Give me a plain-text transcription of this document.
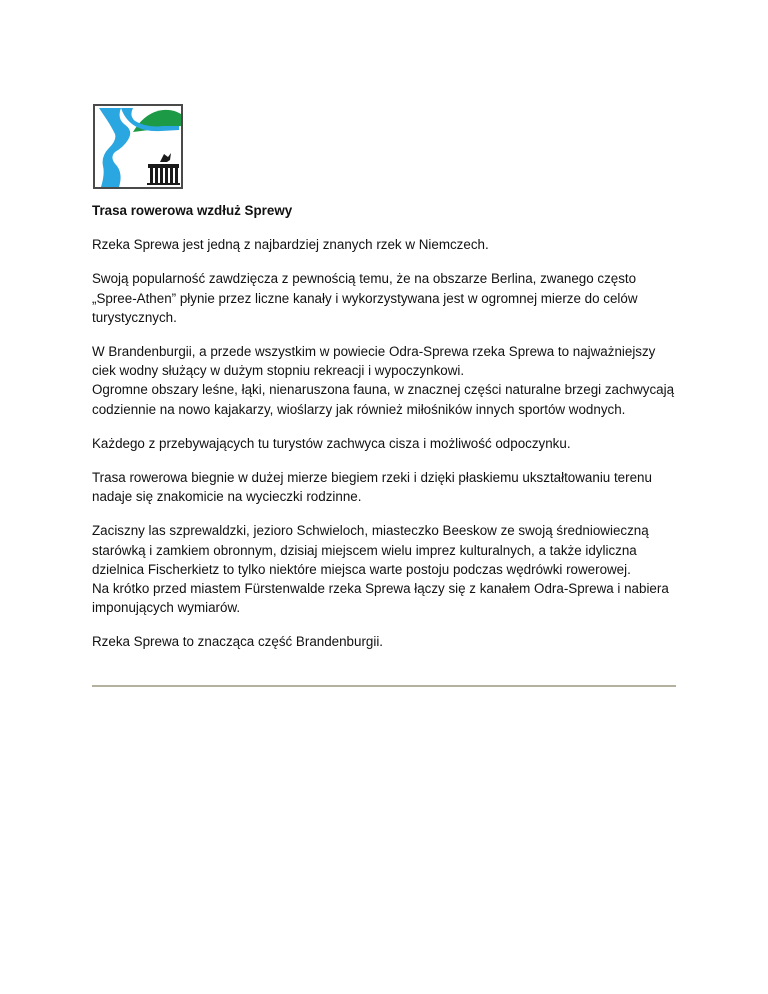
Trasa rowerowa wzdłuż Sprewy

Rzeka Sprewa jest jedną z najbardziej znanych rzek w Niemczech.

Swoją popularność zawdzięcza z pewnością temu, że na obszarze Berlina, zwanego często „Spree-Athen” płynie przez liczne kanały i wykorzystywana jest w ogromnej mierze do celów turystycznych.

W Brandenburgii, a przede wszystkim w powiecie Odra-Sprewa rzeka Sprewa to najważniejszy ciek wodny służący w dużym stopniu rekreacji i wypoczynkowi.

Ogromne obszary leśne, łąki, nienaruszona fauna, w znacznej części naturalne brzegi zachwycają codziennie na nowo kajakarzy, wioślarzy jak również miłośników innych sportów wodnych.

Każdego z przebywających tu turystów zachwyca cisza i możliwość odpoczynku.

Trasa rowerowa biegnie w dużej mierze biegiem rzeki i dzięki płaskiemu ukształtowaniu terenu nadaje się znakomicie na wycieczki rodzinne.

Zaciszny las szprewaldzki, jezioro Schwieloch, miasteczko Beeskow ze swoją średniowieczną starówką i zamkiem obronnym, dzisiaj miejscem wielu imprez kulturalnych, a także idyliczna dzielnica Fischerkietz to tylko niektóre miejsca warte postoju podczas wędrówki rowerowej.

Na krótko przed miastem Fürstenwalde rzeka Sprewa łączy się z kanałem Odra-Sprewa i nabiera imponujących wymiarów.

Rzeka Sprewa to znacząca część Brandenburgii.
